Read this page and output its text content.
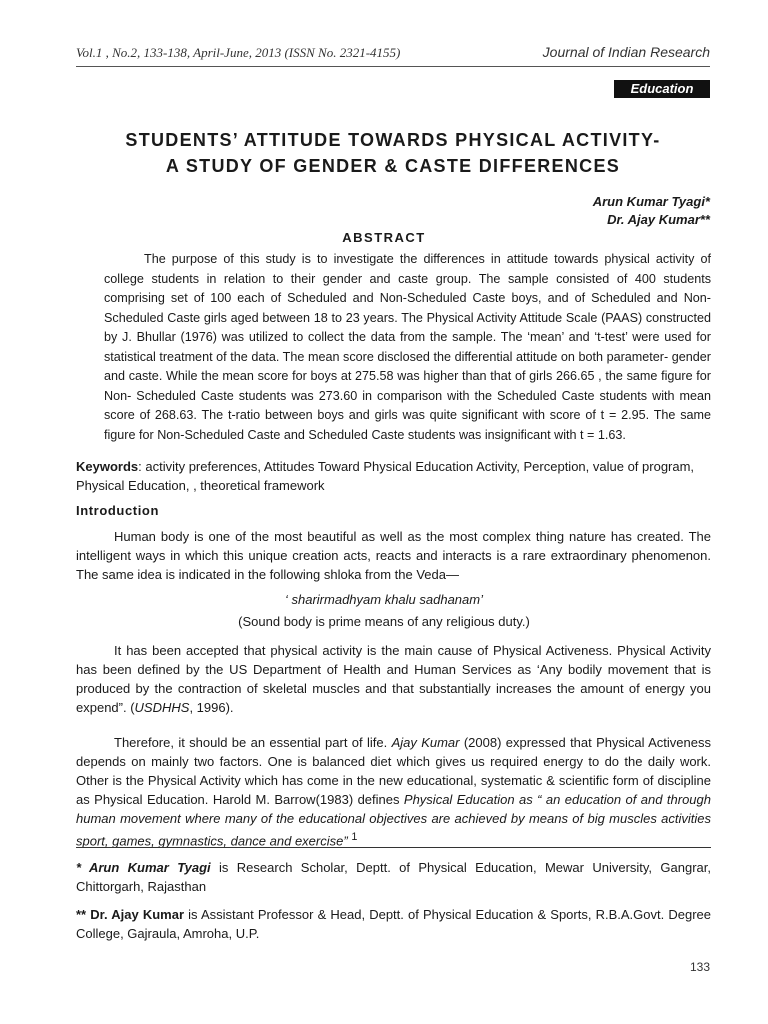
Vol.1 , No.2, 133-138, April-June, 2013 (ISSN No. 2321-4155)	Journal of Indian Research
Education
STUDENTS’ ATTITUDE TOWARDS PHYSICAL ACTIVITY-
A STUDY OF GENDER & CASTE DIFFERENCES
Arun Kumar Tyagi*
Dr. Ajay Kumar**
ABSTRACT

The purpose of this study is to investigate the differences in attitude towards physical activity of college students in relation to their gender and caste group. The sample consisted of 400 students comprising set of 100 each of Scheduled and Non-Scheduled Caste boys, and of Scheduled and Non-Scheduled Caste girls aged between 18 to 23 years. The Physical Activity Attitude Scale (PAAS) constructed by J. Bhullar (1976) was utilized to collect the data from the sample. The ‘mean’ and ‘t-test’ were used for statistical treatment of the data. The mean score disclosed the differential attitude on both parameter- gender and caste. While the mean score for boys at 275.58 was higher than that of girls 266.65 , the same figure for Non- Scheduled Caste students was 273.60 in comparison with the Scheduled Caste students with mean score of 268.63. The t-ratio between boys and girls was quite significant with score of t = 2.95. The same figure for Non-Scheduled Caste and Scheduled Caste students was insignificant with t = 1.63.

Keywords: activity preferences, Attitudes Toward Physical Education Activity, Perception, value of program, Physical Education, , theoretical framework
Introduction

Human body is one of the most beautiful as well as the most complex thing nature has created. The intelligent ways in which this unique creation acts, reacts and interacts is a rare extraordinary phenomenon. The same idea is indicated in the following shloka from the Veda—

‘ sharirmadhyam khalu sadhanam’
(Sound body is prime means of any religious duty.)

It has been accepted that physical activity is the main cause of Physical Activeness. Physical Activity has been defined by the US Department of Health and Human Services as ‘Any bodily movement that is produced by the contraction of skeletal muscles and that substantially increases the amount of energy you expend”. (USDHHS, 1996).

Therefore, it should be an essential part of life. Ajay Kumar (2008) expressed that Physical Activeness depends on mainly two factors. One is balanced diet which gives us required energy to do the daily work. Other is the Physical Activity which has come in the new educational, systematic & scientific form of discipline as Physical Education. Harold M. Barrow(1983) defines Physical Education as “ an education of and through human movement where many of the educational objectives are achieved by means of big muscles activities sport, games, gymnastics, dance and exercise” $^1$

* Arun Kumar Tyagi is Research Scholar, Deptt. of Physical Education, Mewar University, Gangrar, Chittorgarh, Rajasthan
** Dr. Ajay Kumar is Assistant Professor & Head, Deptt. of Physical Education & Sports, R.B.A.Govt. Degree College, Gajraula, Amroha, U.P.
133
